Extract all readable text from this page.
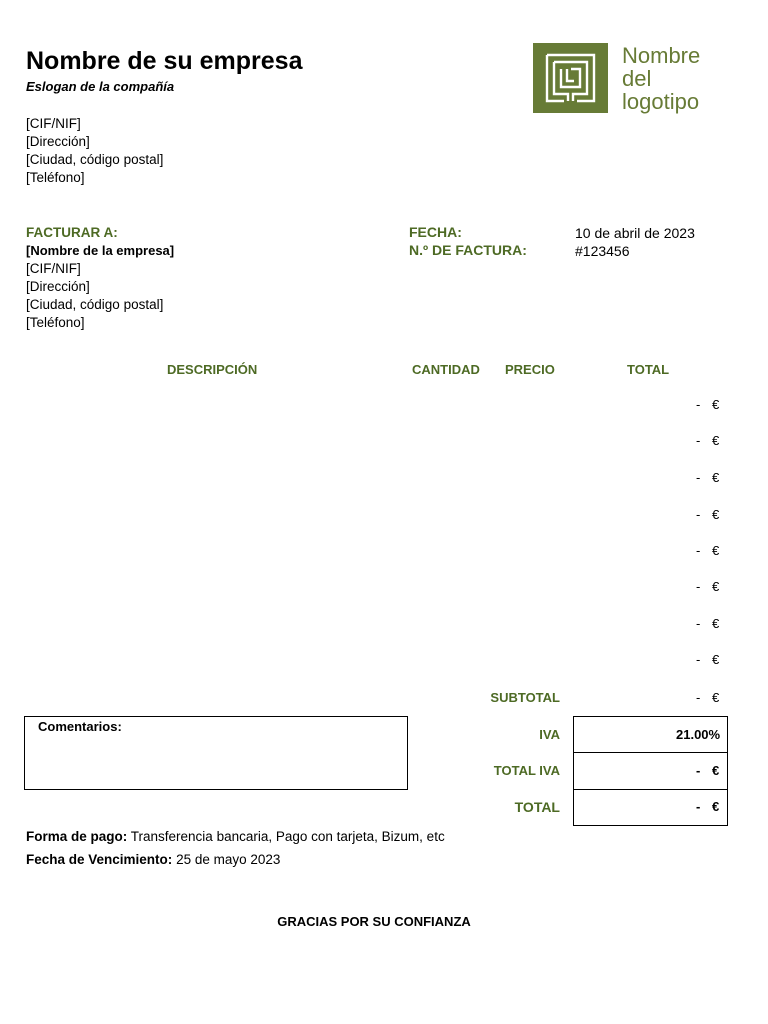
Nombre de su empresa
Eslogan de la compañía
[CIF/NIF]
[Dirección]
[Ciudad, código postal]
[Teléfono]
Nombre
del
logotipo
FACTURAR A:
[Nombre de la empresa]
[CIF/NIF]
[Dirección]
[Ciudad, código postal]
[Teléfono]
FECHA:	10 de abril de 2023
N.º DE FACTURA:	#123456
DESCRIPCIÓN	CANTIDAD PRECIO	TOTAL
- €
- €
- €
- €
- €
- €
- €
- €
SUBTOTAL	- €
IVA	21.00%
TOTAL IVA	- €
TOTAL	- €
Comentarios:
Forma de pago: Transferencia bancaria, Pago con tarjeta, Bizum, etc
Fecha de Vencimiento: 25 de mayo 2023
GRACIAS POR SU CONFIANZA
